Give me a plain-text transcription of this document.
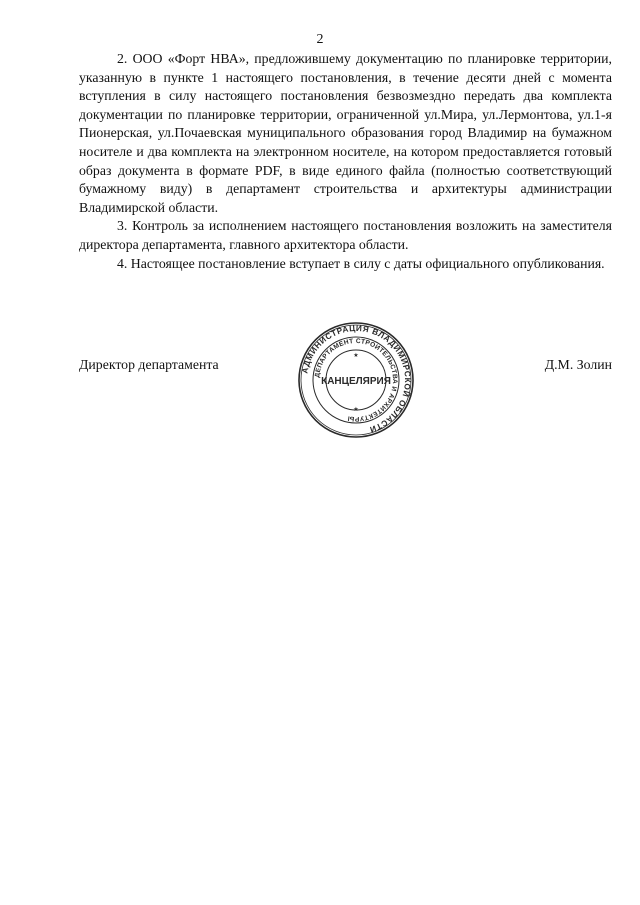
2

2. ООО «Форт НВА», предложившему документацию по планировке территории, указанную в пункте 1 настоящего постановления, в течение десяти дней с момента вступления в силу настоящего постановления безвозмездно передать два комплекта документации по планировке территории, ограниченной ул.Мира, ул.Лермонтова, ул.1-я Пионерская, ул.Почаевская муниципального образования город Владимир на бумажном носителе и два комплекта на электронном носителе, на котором предоставляется готовый образ документа в формате PDF, в виде единого файла (полностью соответствующий бумажному виду) в департамент строительства и архитектуры администрации Владимирской области.

3. Контроль за исполнением настоящего постановления возложить на заместителя директора департамента, главного архитектора области.

4. Настоящее постановление вступает в силу с даты официального опубликования.

Директор департамента	Д.М. Золин
АДМИНИСТРАЦИЯ ВЛАДИМИРСКОЙ ОБЛАСТИ
ДЕПАРТАМЕНТ СТРОИТЕЛЬСТВА И АРХИТЕКТУРЫ
КАНЦЕЛЯРИЯ
★
★
